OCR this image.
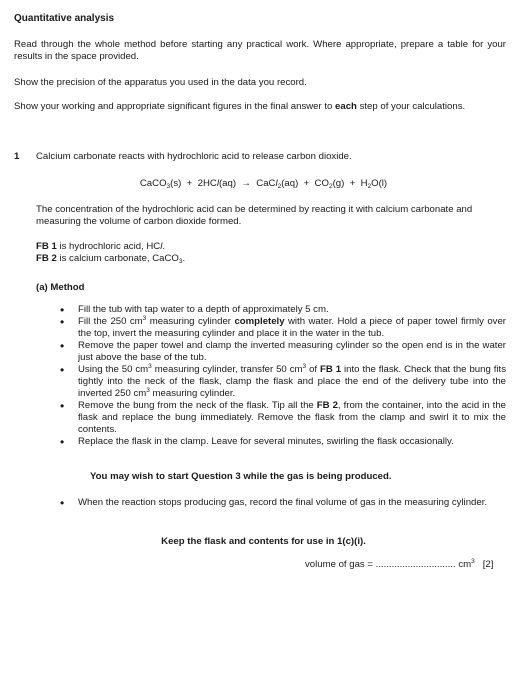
Quantitative analysis
Read through the whole method before starting any practical work. Where appropriate, prepare a table for your results in the space provided.
Show the precision of the apparatus you used in the data you record.
Show your working and appropriate significant figures in the final answer to each step of your calculations.
1 Calcium carbonate reacts with hydrochloric acid to release carbon dioxide.
CaCO$_3$(s)  +  2HCl(aq)  →  CaCl$_2$(aq)  +  $CO_2(g) + H_2O(l)$
The concentration of the hydrochloric acid can be determined by reacting it with calcium carbonate and measuring the volume of carbon dioxide formed.
FB 1 is hydrochloric acid, HCl.
FB 2 is calcium carbonate, CaCO$_3$.
(a) Method
• Fill the tub with tap water to a depth of approximately 5 cm.
• Fill the 250 $cm^3$ measuring cylinder completely with water. Hold a piece of paper towel firmly over the top, invert the measuring cylinder and place it in the water in the tub.
• Remove the paper towel and clamp the inverted measuring cylinder so the open end is in the water just above the base of the tub.
• Using the 50 $cm^3$ measuring cylinder, transfer 50 $cm^3$ of FB 1 into the flask. Check that the bung fits tightly into the neck of the flask, clamp the flask and place the end of the delivery tube into the inverted 250 $cm^3$ measuring cylinder.
• Remove the bung from the neck of the flask. Tip all the FB 2, from the container, into the acid in the flask and replace the bung immediately. Remove the flask from the clamp and swirl it to mix the contents.
• Replace the flask in the clamp. Leave for several minutes, swirling the flask occasionally.
You may wish to start Question 3 while the gas is being produced.
•	When the reaction stops producing gas, record the final volume of gas in the measuring cylinder.
Keep the flask and contents for use in 1(c)(i).
volume of gas = .............................. $cm^3$ [2]
